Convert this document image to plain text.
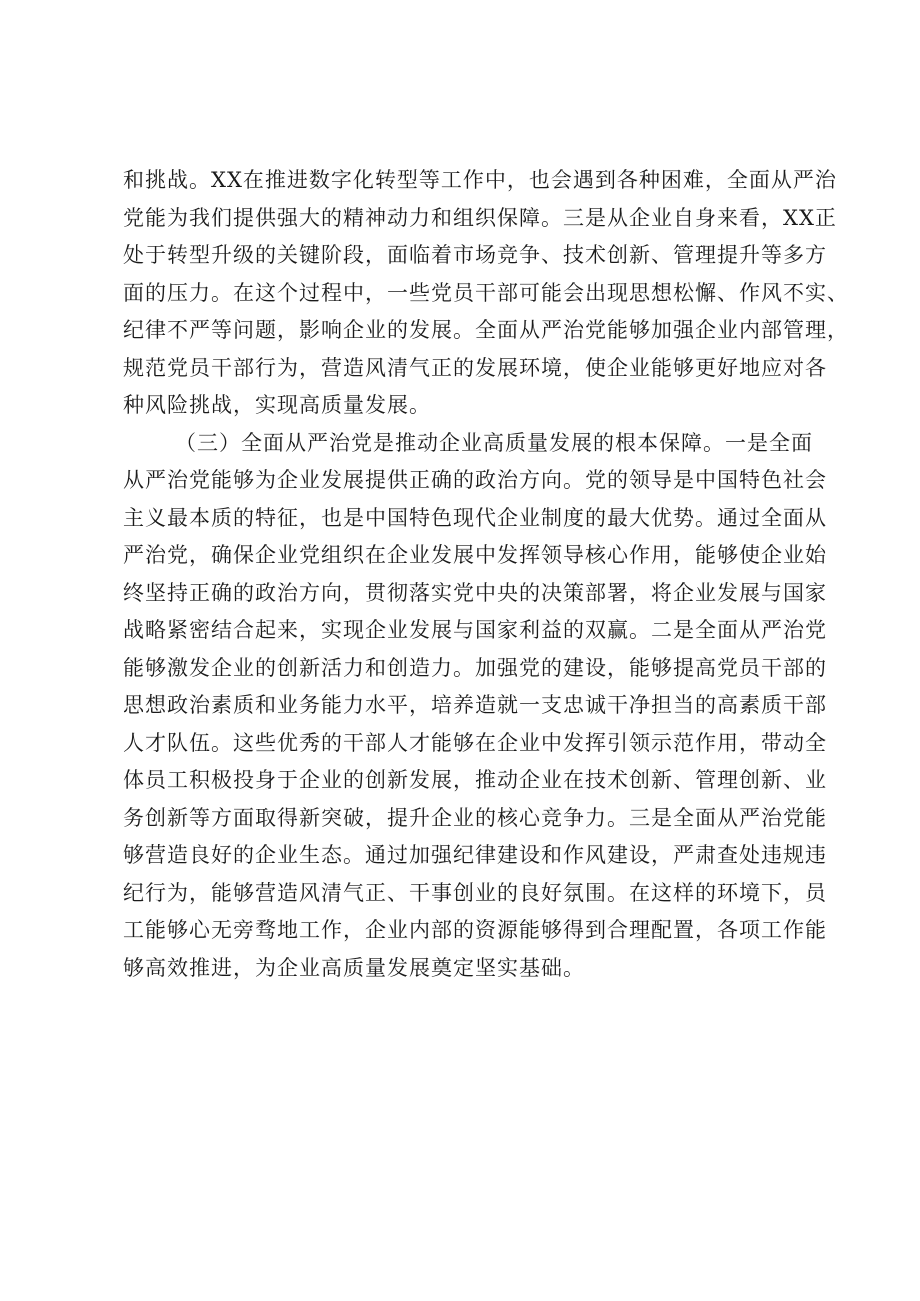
和挑战。XX在推进数字化转型等工作中，也会遇到各种困难，全面从严治
党能为我们提供强大的精神动力和组织保障。三是从企业自身来看，XX正
处于转型升级的关键阶段，面临着市场竞争、技术创新、管理提升等多方
面的压力。在这个过程中，一些党员干部可能会出现思想松懈、作风不实、
纪律不严等问题，影响企业的发展。全面从严治党能够加强企业内部管理，
规范党员干部行为，营造风清气正的发展环境，使企业能够更好地应对各
种风险挑战，实现高质量发展。
（三）全面从严治党是推动企业高质量发展的根本保障。一是全面
从严治党能够为企业发展提供正确的政治方向。党的领导是中国特色社会
主义最本质的特征，也是中国特色现代企业制度的最大优势。通过全面从
严治党，确保企业党组织在企业发展中发挥领导核心作用，能够使企业始
终坚持正确的政治方向，贯彻落实党中央的决策部署，将企业发展与国家
战略紧密结合起来，实现企业发展与国家利益的双赢。二是全面从严治党
能够激发企业的创新活力和创造力。加强党的建设，能够提高党员干部的
思想政治素质和业务能力水平，培养造就一支忠诚干净担当的高素质干部
人才队伍。这些优秀的干部人才能够在企业中发挥引领示范作用，带动全
体员工积极投身于企业的创新发展，推动企业在技术创新、管理创新、业
务创新等方面取得新突破，提升企业的核心竞争力。三是全面从严治党能
够营造良好的企业生态。通过加强纪律建设和作风建设，严肃查处违规违
纪行为，能够营造风清气正、干事创业的良好氛围。在这样的环境下，员
工能够心无旁骛地工作，企业内部的资源能够得到合理配置，各项工作能
够高效推进，为企业高质量发展奠定坚实基础。
